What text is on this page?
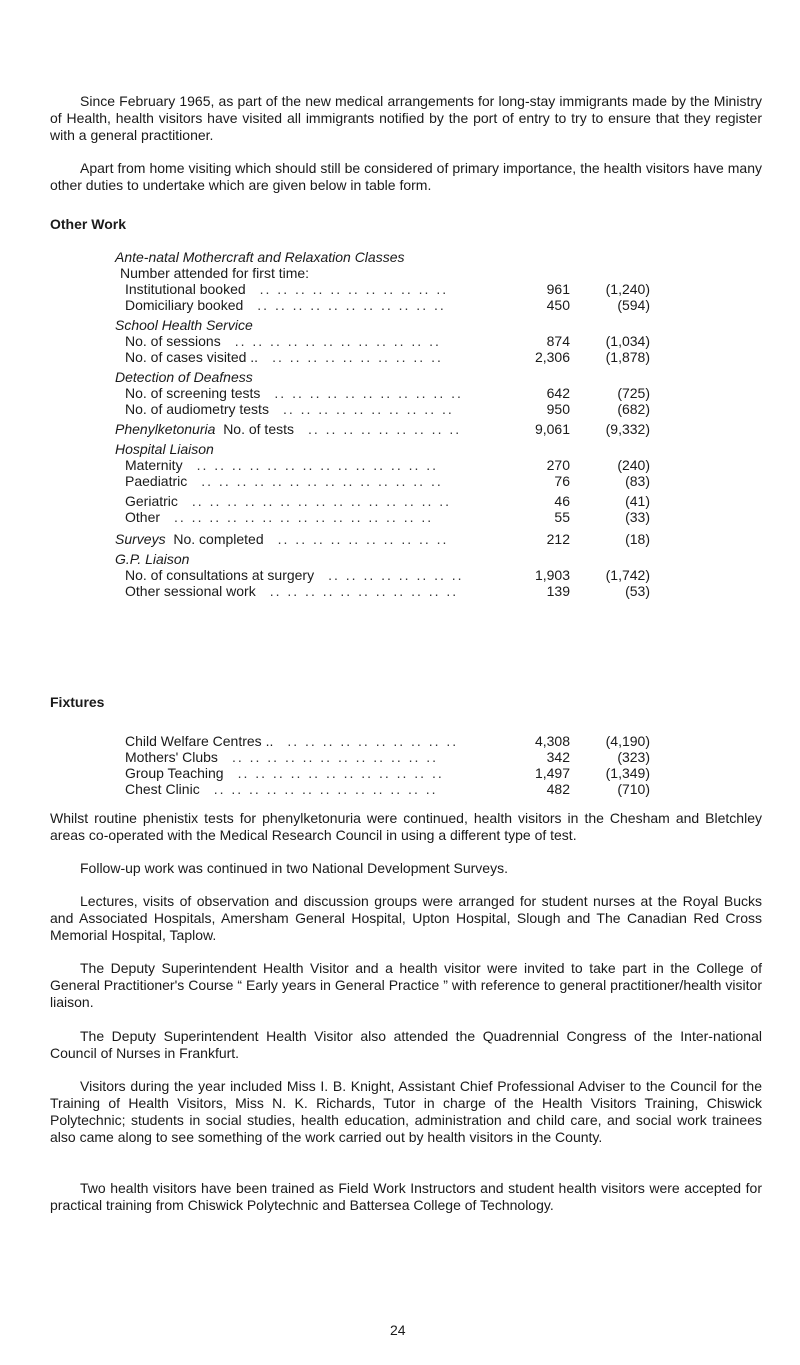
Since February 1965, as part of the new medical arrangements for long-stay immigrants made by the Ministry of Health, health visitors have visited all immigrants notified by the port of entry to try to ensure that they register with a general practitioner.

Apart from home visiting which should still be considered of primary importance, the health visitors have many other duties to undertake which are given below in table form.

Other Work

Ante-natal Mothercraft and Relaxation Classes
Number attended for first time:
Institutional booked	961	(1,240)
.. .. .. .. .. .. .. .. .. .. ..
Domiciliary booked	450	(594)
.. .. .. .. .. .. .. .. .. .. ..
School Health Service
No. of sessions	874	(1,034)
.. .. .. .. .. .. .. .. .. .. .. ..
No. of cases visited ..	2,306	(1,878)
.. .. .. .. .. .. .. .. .. ..
Detection of Deafness
No. of screening tests	642	(725)
.. .. .. .. .. .. .. .. .. .. ..
No. of audiometry tests	950	(682)
.. .. .. .. .. .. .. .. .. ..
Phenylketonuria No. of tests	9,061	(9,332)
.. .. .. .. .. .. .. .. ..
Hospital Liaison
Maternity	270	(240)
.. .. .. .. .. .. .. .. .. .. .. .. .. ..
Paediatric	76	(83)
.. .. .. .. .. .. .. .. .. .. .. .. .. ..
Geriatric	46	(41)
.. .. .. .. .. .. .. .. .. .. .. .. .. .. ..
Other	55	(33)
.. .. .. .. .. .. .. .. .. .. .. .. .. .. ..
Surveys No. completed	212	(18)
.. .. .. .. .. .. .. .. .. ..
G.P. Liaison
No. of consultations at surgery	1,903	(1,742)
.. .. .. .. .. .. .. ..
Other sessional work	139	(53)
.. .. .. .. .. .. .. .. .. .. ..

Fixtures

Child Welfare Centres ..	4,308	(4,190)
.. .. .. .. .. .. .. .. .. ..
Mothers' Clubs	342	(323)
.. .. .. .. .. .. .. .. .. .. .. ..
Group Teaching	1,497	(1,349)
.. .. .. .. .. .. .. .. .. .. .. ..
Chest Clinic	482	(710)
.. .. .. .. .. .. .. .. .. .. .. .. ..

Whilst routine phenistix tests for phenylketonuria were continued, health visitors in the Chesham and Bletchley areas co-operated with the Medical Research Council in using a different type of test.

Follow-up work was continued in two National Development Surveys.

Lectures, visits of observation and discussion groups were arranged for student nurses at the Royal Bucks and Associated Hospitals, Amersham General Hospital, Upton Hospital, Slough and The Canadian Red Cross Memorial Hospital, Taplow.

The Deputy Superintendent Health Visitor and a health visitor were invited to take part in the College of General Practitioner's Course “ Early years in General Practice ” with reference to general practitioner/health visitor liaison.

The Deputy Superintendent Health Visitor also attended the Quadrennial Congress of the Inter-national Council of Nurses in Frankfurt.

Visitors during the year included Miss I. B. Knight, Assistant Chief Professional Adviser to the Council for the Training of Health Visitors, Miss N. K. Richards, Tutor in charge of the Health Visitors Training, Chiswick Polytechnic; students in social studies, health education, administration and child care, and social work trainees also came along to see something of the work carried out by health visitors in the County.

Two health visitors have been trained as Field Work Instructors and student health visitors were accepted for practical training from Chiswick Polytechnic and Battersea College of Technology.

24
